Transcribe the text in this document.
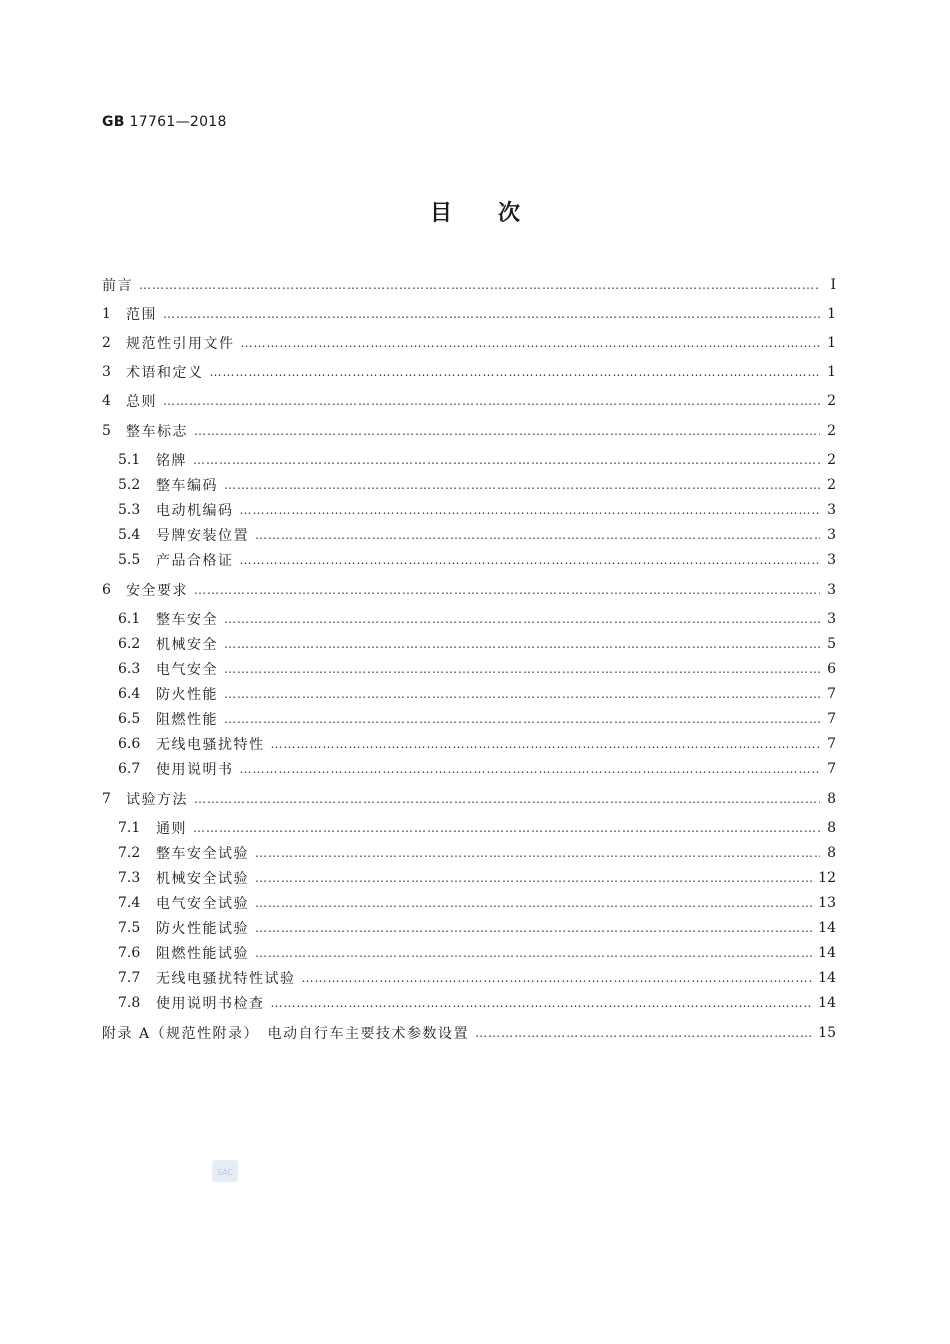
GB 17761—2018
目 次
前言 ………………………………………………………………………………………………………………………………………………………………………………………………………………………………………………	Ⅰ
1	范围 ………………………………………………………………………………………………………………………………………………………………………………………………………………………………………………	1
2	规范性引用文件 ………………………………………………………………………………………………………………………………………………………………………………………………………………………………………………	1
3	术语和定义 ………………………………………………………………………………………………………………………………………………………………………………………………………………………………………………	1
4	总则 ………………………………………………………………………………………………………………………………………………………………………………………………………………………………………………	2
5	整车标志 ………………………………………………………………………………………………………………………………………………………………………………………………………………………………………………	2
5.1	铭牌 ………………………………………………………………………………………………………………………………………………………………………………………………………………………………………………	2
5.2	整车编码 ………………………………………………………………………………………………………………………………………………………………………………………………………………………………………………	2
5.3	电动机编码 ………………………………………………………………………………………………………………………………………………………………………………………………………………………………………………	3
5.4	号牌安装位置 ………………………………………………………………………………………………………………………………………………………………………………………………………………………………………………	3
5.5	产品合格证 ………………………………………………………………………………………………………………………………………………………………………………………………………………………………………………	3
6	安全要求 ………………………………………………………………………………………………………………………………………………………………………………………………………………………………………………	3
6.1	整车安全 ………………………………………………………………………………………………………………………………………………………………………………………………………………………………………………	3
6.2	机械安全 ………………………………………………………………………………………………………………………………………………………………………………………………………………………………………………	5
6.3	电气安全 ………………………………………………………………………………………………………………………………………………………………………………………………………………………………………………	6
6.4	防火性能 ………………………………………………………………………………………………………………………………………………………………………………………………………………………………………………	7
6.5	阻燃性能 ………………………………………………………………………………………………………………………………………………………………………………………………………………………………………………	7
6.6	无线电骚扰特性 ………………………………………………………………………………………………………………………………………………………………………………………………………………………………………………	7
6.7	使用说明书 ………………………………………………………………………………………………………………………………………………………………………………………………………………………………………………	7
7	试验方法 ………………………………………………………………………………………………………………………………………………………………………………………………………………………………………………	8
7.1	通则 ………………………………………………………………………………………………………………………………………………………………………………………………………………………………………………	8
7.2	整车安全试验 ………………………………………………………………………………………………………………………………………………………………………………………………………………………………………………	8
7.3	机械安全试验 ………………………………………………………………………………………………………………………………………………………………………………………………………………………………………………	12
7.4	电气安全试验 ………………………………………………………………………………………………………………………………………………………………………………………………………………………………………………	13
7.5	防火性能试验 ………………………………………………………………………………………………………………………………………………………………………………………………………………………………………………	14
7.6	阻燃性能试验 ………………………………………………………………………………………………………………………………………………………………………………………………………………………………………………	14
7.7	无线电骚扰特性试验 ………………………………………………………………………………………………………………………………………………………………………………………………………………………………………………	14
7.8	使用说明书检查 ………………………………………………………………………………………………………………………………………………………………………………………………………………………………………………	14
附录 A（规范性附录）　电动自行车主要技术参数设置 ………………………………………………………………………………………………………………………………………………………………………………………………………………………………………………	15
SAC
